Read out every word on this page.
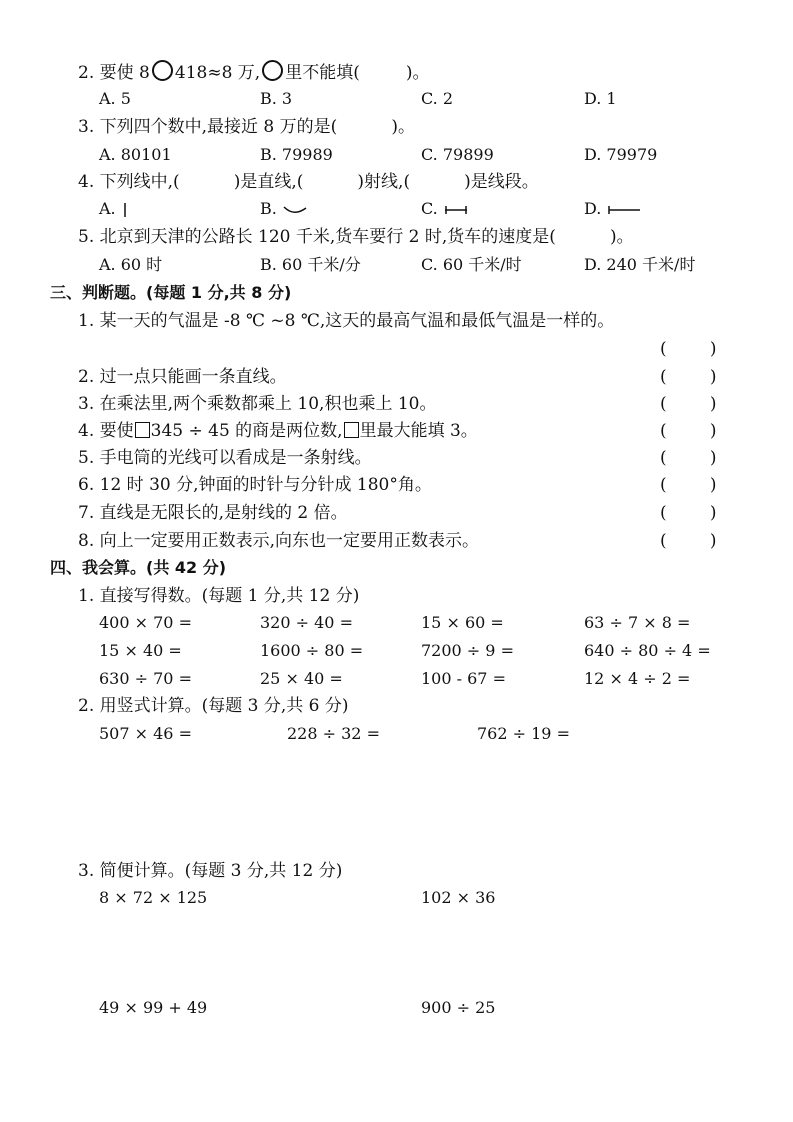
2. 要使 8 418≈8 万, 里不能填(	)。
A. 5	B. 3	C. 2	D. 1
3. 下列四个数中,最接近 8 万的是(          )。
A. 80101	B. 79989	C. 79899	D. 79979
4. 下列线中,(          )是直线,(          )射线,(          )是线段。
A.	B.	C.	D.
5. 北京到天津的公路长 120 千米,货车要行 2 时,货车的速度是(          )。
A. 60 时	B. 60 千米/分	C. 60 千米/时	D. 240 千米/时
三、判断题。(每题 1 分,共 8 分)
1. 某一天的气温是 -8 ℃ ~8 ℃,这天的最高气温和最低气温是一样的。
(        )
2. 过一点只能画一条直线。	(        )
3. 在乘法里,两个乘数都乘上 10,积也乘上 10。	(        )
4. 要使 345 ÷ 45 的商是两位数, 里最大能填 3。	(        )
5. 手电筒的光线可以看成是一条射线。	(        )
6. 12 时 30 分,钟面的时针与分针成 180°角。	(        )
7. 直线是无限长的,是射线的 2 倍。	(        )
8. 向上一定要用正数表示,向东也一定要用正数表示。	(        )
四、我会算。(共 42 分)
1. 直接写得数。(每题 1 分,共 12 分)
400 × 70 =	320 ÷ 40 =	15 × 60 =	63 ÷ 7 × 8 =
15 × 40 =	1600 ÷ 80 =	7200 ÷ 9 =	640 ÷ 80 ÷ 4 =
630 ÷ 70 =	25 × 40 =	100 - 67 =	12 × 4 ÷ 2 =
2. 用竖式计算。(每题 3 分,共 6 分)
507 × 46 =	228 ÷ 32 =	762 ÷ 19 =
3. 简便计算。(每题 3 分,共 12 分)
8 × 72 × 125	102 × 36
49 × 99 + 49	900 ÷ 25
